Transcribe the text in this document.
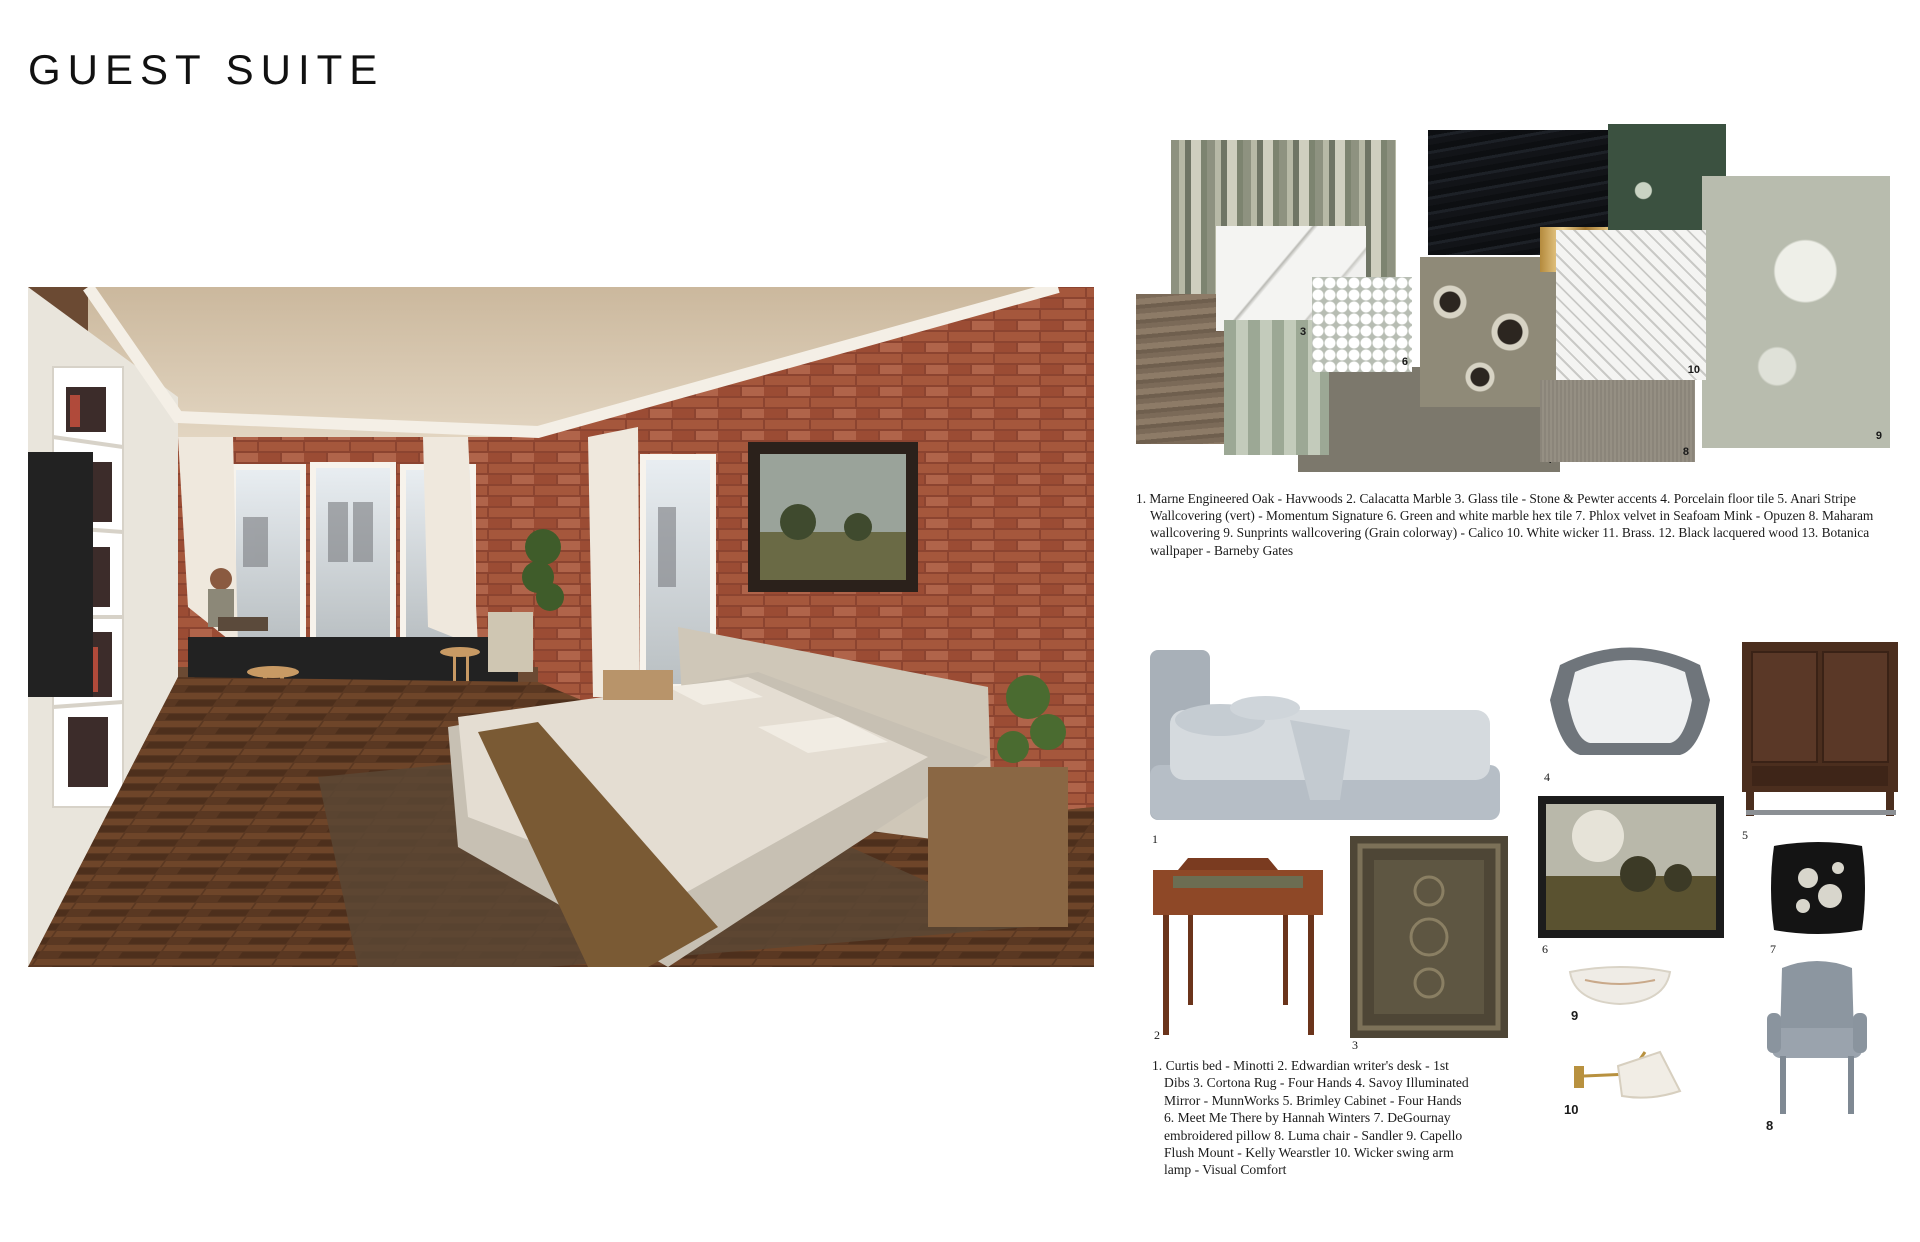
GUEST SUITE
9
3
6
10
8

1. Marne Engineered Oak - Havwoods 2. Calacatta Marble 3. Glass tile - Stone & Pewter accents 4. Porcelain floor tile 5. Anari Stripe Wallcovering (vert) - Momentum Signature 6. Green and white marble hex tile 7. Phlox velvet in Seafoam Mink - Opuzen 8. Maharam wallcovering 9. Sunprints wallcovering (Grain colorway) - Calico 10. White wicker 11. Brass. 12. Black lacquered wood 13. Botanica wallpaper - Barneby Gates

1
2
3
4
5
6	7
8
9
10
1. Curtis bed - Minotti 2. Edwardian writer's desk - 1st Dibs 3. Cortona Rug - Four Hands 4. Savoy Illuminated Mirror - MunnWorks 5. Brimley Cabinet - Four Hands 6. Meet Me There by Hannah Winters 7. DeGournay embroidered pillow 8. Luma chair - Sandler 9. Capello Flush Mount - Kelly Wearstler 10. Wicker swing arm lamp - Visual Comfort
